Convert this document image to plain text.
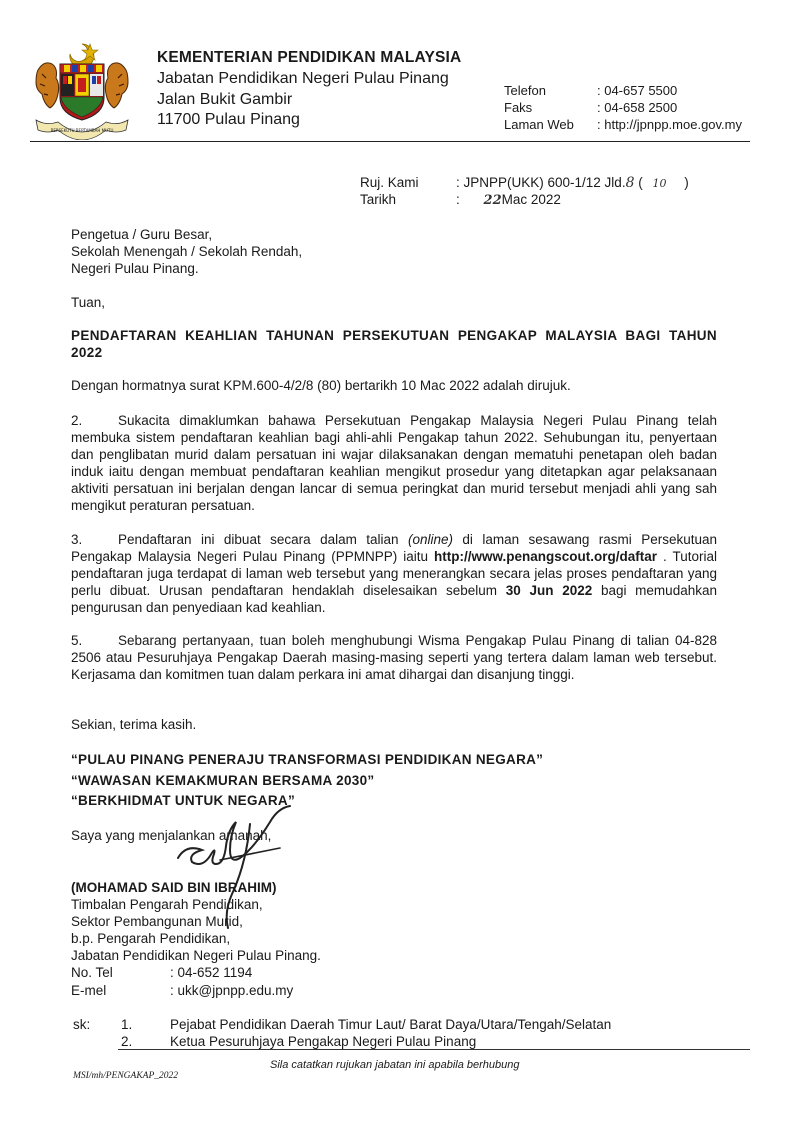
BERSEKUTU BERTAMBAH MUTU
KEMENTERIAN PENDIDIKAN MALAYSIA
Jabatan Pendidikan Negeri Pulau Pinang
Jalan Bukit Gambir
11700 Pulau Pinang
Telefon	: 04-657 5500
Faks	: 04-658 2500
Laman Web : http://jpnpp.moe.gov.my
Ruj. Kami	: JPNPP(UKK) 600-1/12 Jld.8 ( 10 )
Tarikh	: 22Mac 2022
Pengetua / Guru Besar,
Sekolah Menengah / Sekolah Rendah,
Negeri Pulau Pinang.
Tuan,
PENDAFTARAN KEAHLIAN TAHUNAN PERSEKUTUAN PENGAKAP MALAYSIA BAGI TAHUN 2022
Dengan hormatnya surat KPM.600-4/2/8 (80) bertarikh 10 Mac 2022 adalah dirujuk.
2.	Sukacita dimaklumkan bahawa Persekutuan Pengakap Malaysia Negeri Pulau Pinang telah membuka sistem pendaftaran keahlian bagi ahli-ahli Pengakap tahun 2022. Sehubungan itu, penyertaan dan penglibatan murid dalam persatuan ini wajar dilaksanakan dengan mematuhi penetapan oleh badan induk iaitu dengan membuat pendaftaran keahlian mengikut prosedur yang ditetapkan agar pelaksanaan aktiviti persatuan ini berjalan dengan lancar di semua peringkat dan murid tersebut menjadi ahli yang sah mengikut peraturan persatuan.
3.	Pendaftaran ini dibuat secara dalam talian (online) di laman sesawang rasmi Persekutuan Pengakap Malaysia Negeri Pulau Pinang (PPMNPP) iaitu http://www.penangscout.org/daftar . Tutorial pendaftaran juga terdapat di laman web tersebut yang menerangkan secara jelas proses pendaftaran yang perlu dibuat. Urusan pendaftaran hendaklah diselesaikan sebelum 30 Jun 2022 bagi memudahkan pengurusan dan penyediaan kad keahlian.
5.	Sebarang pertanyaan, tuan boleh menghubungi Wisma Pengakap Pulau Pinang di talian 04-828 2506 atau Pesuruhjaya Pengakap Daerah masing-masing seperti yang tertera dalam laman web tersebut. Kerjasama dan komitmen tuan dalam perkara ini amat dihargai dan disanjung tinggi.
Sekian, terima kasih.
“PULAU PINANG PENERAJU TRANSFORMASI PENDIDIKAN NEGARA”
“WAWASAN KEMAKMURAN BERSAMA 2030”
“BERKHIDMAT UNTUK NEGARA”
Saya yang menjalankan amanah,
(MOHAMAD SAID BIN IBRAHIM)
Timbalan Pengarah Pendidikan,
Sektor Pembangunan Murid,
b.p. Pengarah Pendidikan,
Jabatan Pendidikan Negeri Pulau Pinang.
No. Tel	: 04-652 1194
E-mel	: ukk@jpnpp.edu.my
sk: 1.	Pejabat Pendidikan Daerah Timur Laut/ Barat Daya/Utara/Tengah/Selatan
2.	Ketua Pesuruhjaya Pengakap Negeri Pulau Pinang
Sila catatkan rujukan jabatan ini apabila berhubung
MSI/mh/PENGAKAP_2022
